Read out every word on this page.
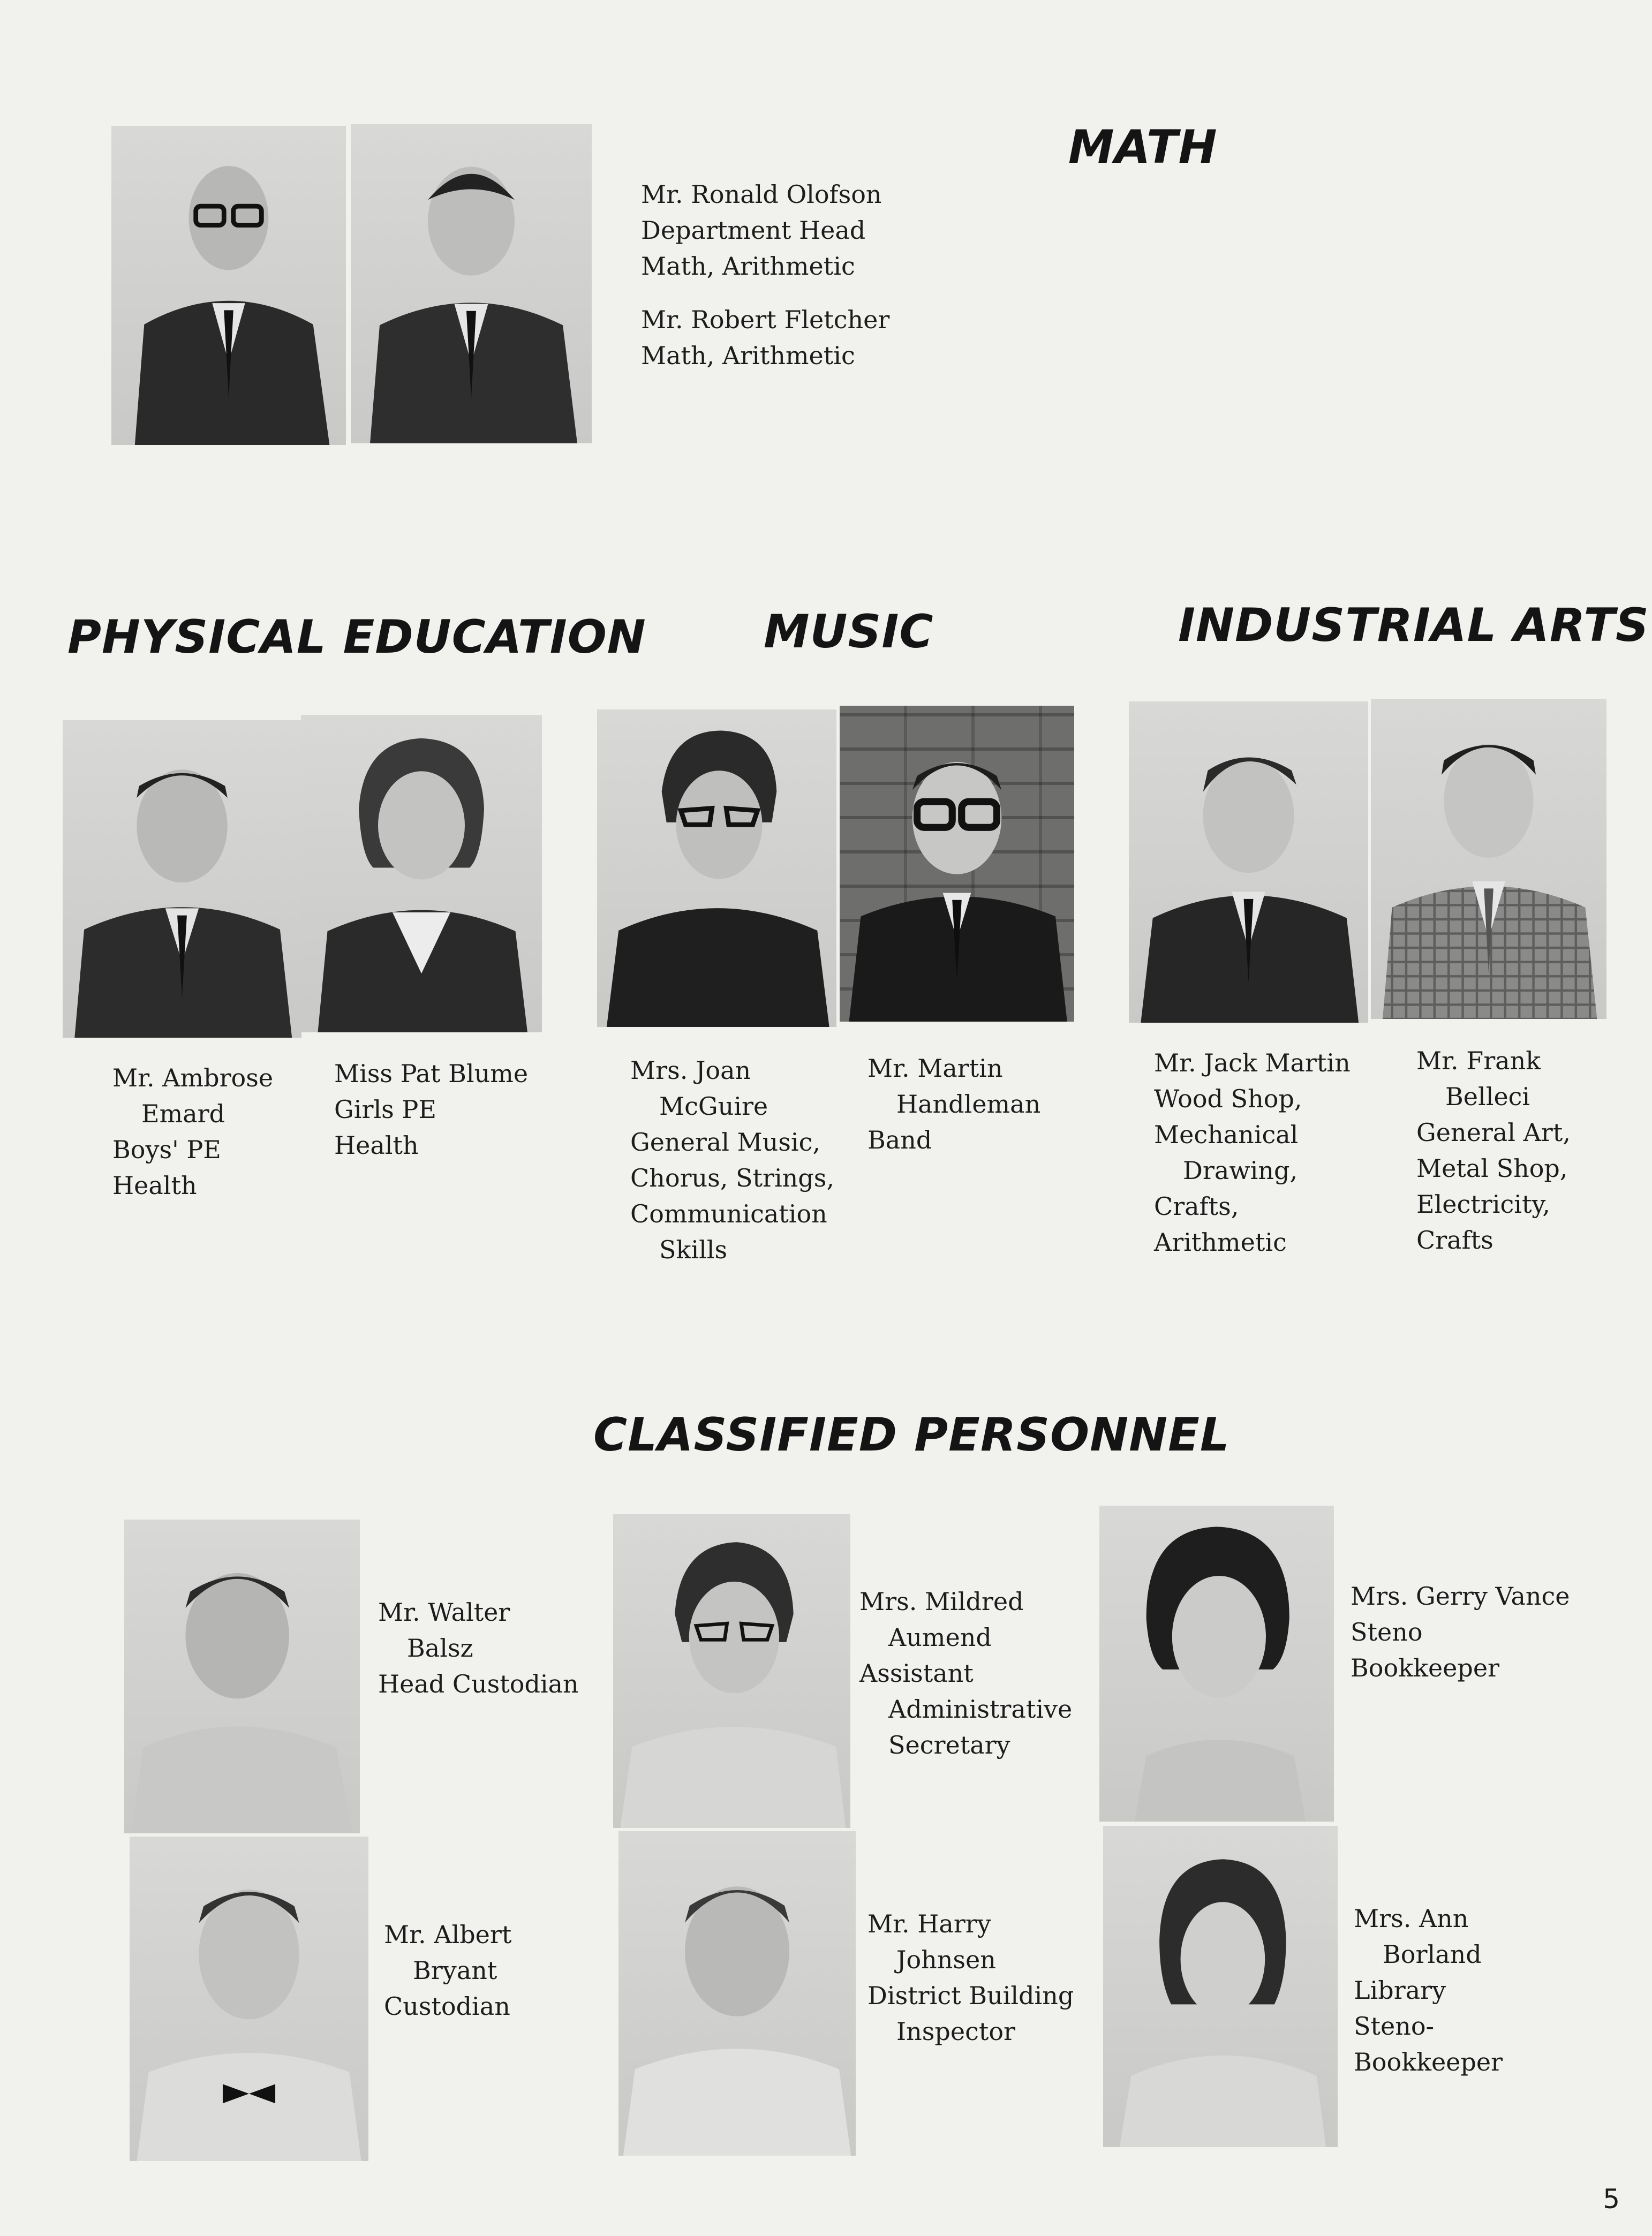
MATH
Mr. Ronald Olofson
Department Head
Math, Arithmetic
Mr. Robert Fletcher
Math, Arithmetic
PHYSICAL EDUCATION	MUSIC	INDUSTRIAL ARTS
Mr. Ambrose
Emard
Boys' PE
Health
Miss Pat Blume
Girls PE
Health
Mrs. Joan
McGuire
General Music,
Chorus, Strings,
Communication
Skills
Mr. Martin
Handleman
Band
Mr. Jack Martin
Wood Shop,
Mechanical
Drawing,
Crafts,
Arithmetic
Mr. Frank
Belleci
General Art,
Metal Shop,
Electricity,
Crafts
CLASSIFIED PERSONNEL
Mr. Walter
Balsz
Head Custodian
Mr. Albert
Bryant
Custodian
Mrs. Mildred
Aumend
Assistant
Administrative
Secretary
Mr. Harry
Johnsen
District Building
Inspector
Mrs. Gerry Vance
Steno
Bookkeeper
Mrs. Ann
Borland
Library
Steno-
Bookkeeper
5
